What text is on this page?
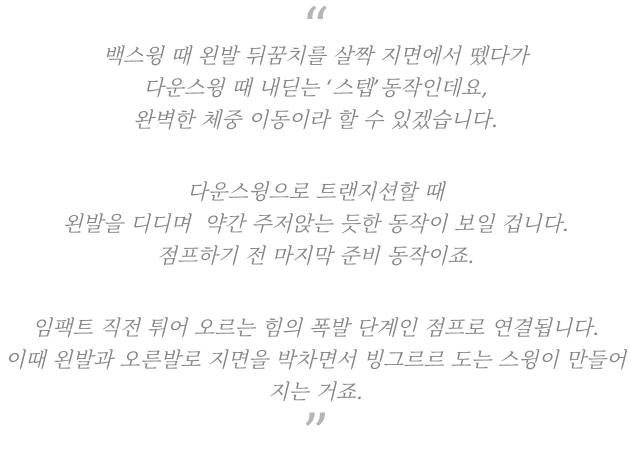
“

백스윙 때 왼발 뒤꿈치를 살짝 지면에서 뗐다가
다운스윙 때 내딛는 ‘스텝’동작인데요,
완벽한 체중 이동이라 할 수 있겠습니다.

다운스윙으로 트랜지션할 때
왼발을 디디며  약간 주저앉는 듯한 동작이 보일 겁니다.
점프하기 전 마지막 준비 동작이죠.

임팩트 직전 튀어 오르는 힘의 폭발 단계인 점프로 연결됩니다.
이때 왼발과 오른발로 지면을 박차면서 빙그르르 도는 스윙이 만들어지는 거죠.

”
